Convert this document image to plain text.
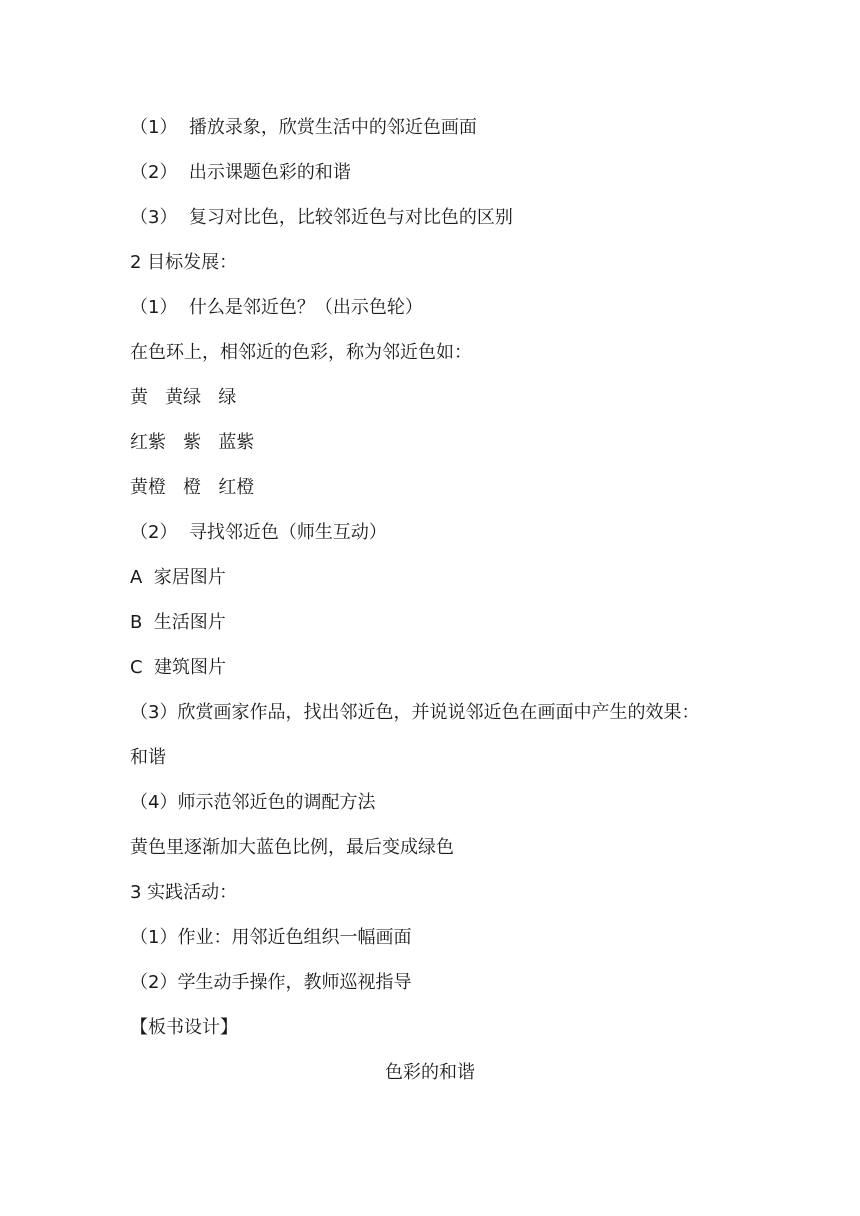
（1）  播放录象，欣赏生活中的邻近色画面
（2）  出示课题色彩的和谐
（3）  复习对比色，比较邻近色与对比色的区别
2 目标发展：
（1）  什么是邻近色？（出示色轮）
在色环上，相邻近的色彩，称为邻近色如：
黄   黄绿   绿
红紫   紫   蓝紫
黄橙   橙   红橙
（2）  寻找邻近色（师生互动）
A  家居图片
B  生活图片
C  建筑图片
（3）欣赏画家作品，找出邻近色，并说说邻近色在画面中产生的效果：
和谐
（4）师示范邻近色的调配方法
黄色里逐渐加大蓝色比例，最后变成绿色
3 实践活动：
（1）作业：用邻近色组织一幅画面
（2）学生动手操作，教师巡视指导
【板书设计】
色彩的和谐
